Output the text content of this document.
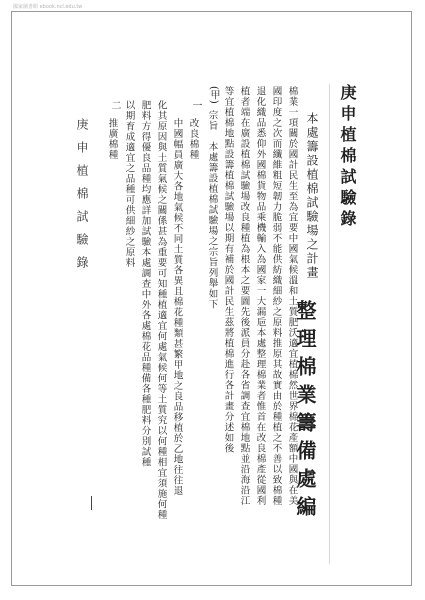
國家圖書館 ebook.ncl.edu.tw
庚申植棉試驗錄
整理棉業籌備處編
本處籌設植棉試驗場之計畫
棉業一項關於國計民生至為宜要中國氣候溫和土質肥沃適宜植棉然世界棉花產額中國與在美
國印度之次而纖維粗短韌力脆弱不能供紡織細紗之原料推原其故實由於種植之不善以致棉種
退化織品悉仰外國棉貨物品乘機輸入為國家一大漏巵本處整理棉業者惟首在改良棉產從國利
植者端在廣設植棉試驗場改良種植為根本之要圖先後派員分赴各省調查宜棉地點並沿海沿江
等宜植棉地點設籌植棉試驗場以期有補於國計民生茲將植棉進行各計畫分述如後
(甲)
宗旨　本處籌設植棉試驗場之宗旨列舉如下
一
改良棉種
中國幅員廣大各地氣候不同土質各異且棉花種類甚繁甲地之良品移植於乙地往往退
化其原因與土質氣候之關係甚為重要可知種植適宜何處氣候何等土質究以何種相宜須施何種
肥料方得優良品種均應詳加試驗本處調查中外各處棉花品種備各種肥料分別試種
以期育成適宜之品種可供細紗之原料
二
推廣棉種
庚申植棉試驗錄
